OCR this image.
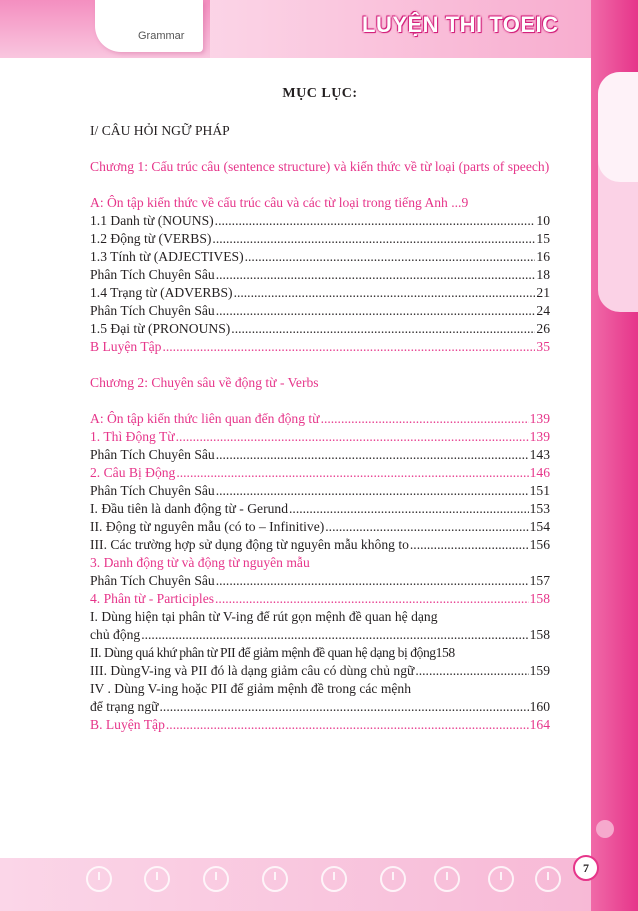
Grammar	LUYỆN THI TOEIC
7
MỤC LỤC:
I/ CÂU HỎI NGỮ PHÁP
Chương 1: Cấu trúc câu (sentence structure) và kiến thức về từ loại (parts of speech)
A: Ôn tập kiến thức về cấu trúc câu và các từ loại trong tiếng Anh ... 9
1.1 Danh từ (NOUNS) .....	10
1.2 Động từ (VERBS) .....	15
1.3 Tính từ (ADJECTIVES) .....	16
Phân Tích Chuyên Sâu .....	18
1.4 Trạng từ (ADVERBS) .....	21
Phân Tích Chuyên Sâu .....	24
1.5 Đại từ (PRONOUNS) .....	26
B Luyện Tập .....	35
Chương 2: Chuyên sâu về động từ - Verbs
A: Ôn tập kiến thức liên quan đến động từ .....	139
1. Thì Động Từ .....	139
Phân Tích Chuyên Sâu .....	143
2. Câu Bị Động .....	146
Phân Tích Chuyên Sâu .....	151
I. Đầu tiên là danh động từ - Gerund .....	153
II. Động từ nguyên mẫu (có to – Infinitive) .....	154
III. Các trường hợp sử dụng động từ nguyên mẫu không to .....	156
3. Danh động từ và động từ nguyên mẫu
Phân Tích Chuyên Sâu .....	157
4. Phân từ - Participles .....	158
I. Dùng hiện tại phân từ V-ing để rút gọn mệnh đề quan hệ dạng
chủ động .....	158
II. Dùng quá khứ phân từ PII để giảm mệnh đề quan hệ dạng bị động 158
III. DùngV-ing và PII đó là dạng giảm câu có dùng chủ ngữ .....	159
IV . Dùng V-ing hoặc PII để giảm mệnh đề trong các mệnh
để trạng ngữ .....	160
B. Luyện Tập .....	164
